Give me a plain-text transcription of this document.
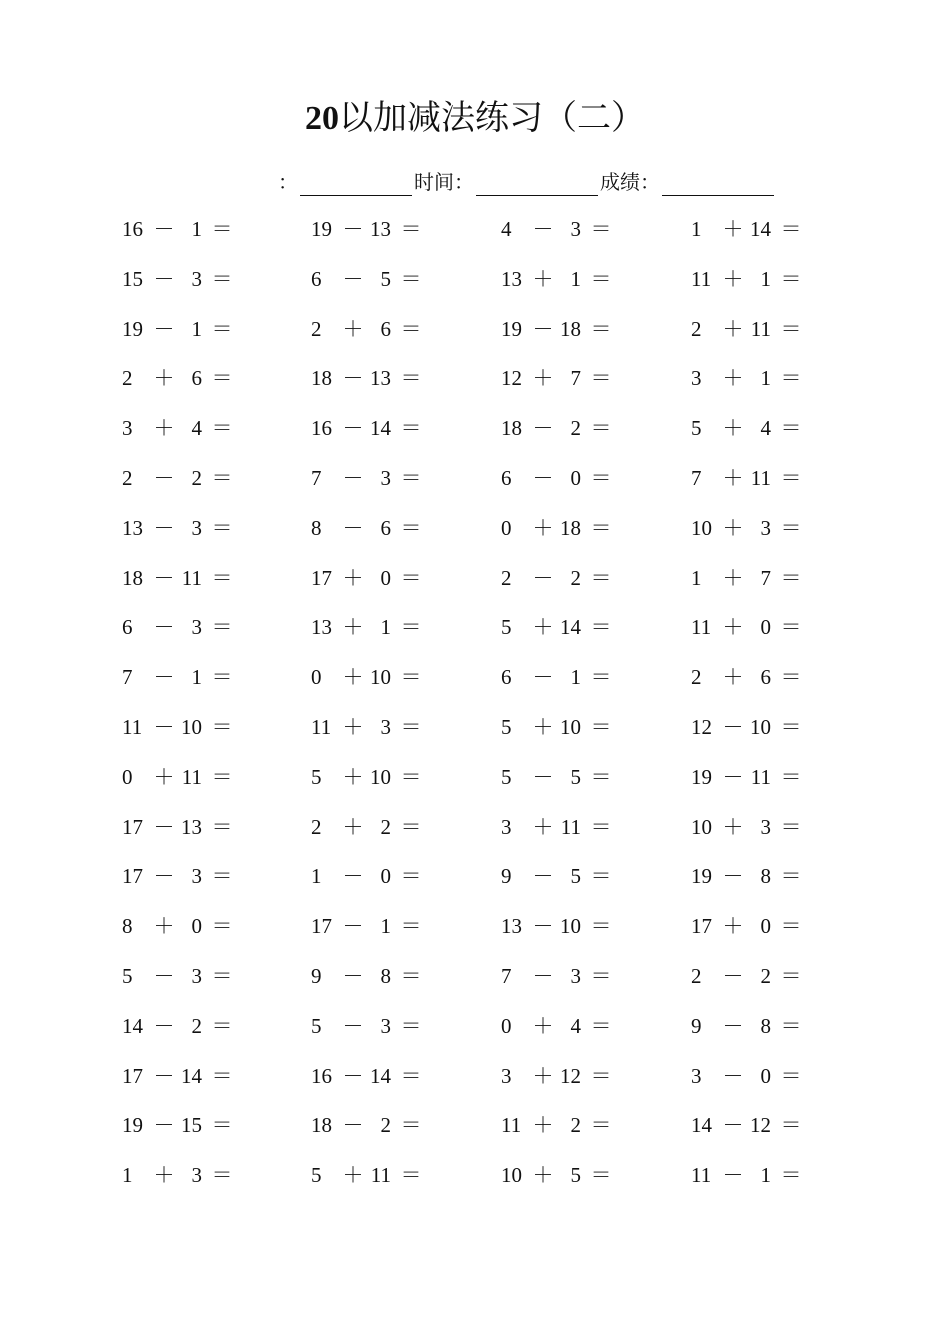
20以加减法练习（二）
：	时间：	成绩：
16 － 1 ＝	19 － 13 ＝	4 － 3 ＝	1 ＋ 14 ＝
15 － 3 ＝	6 － 5 ＝	13 ＋ 1 ＝	11 ＋ 1 ＝
19 － 1 ＝	2 ＋ 6 ＝	19 － 18 ＝	2 ＋ 11 ＝
2 ＋ 6 ＝	18 － 13 ＝	12 ＋ 7 ＝	3 ＋ 1 ＝
3 ＋ 4 ＝	16 － 14 ＝	18 － 2 ＝	5 ＋ 4 ＝
2 － 2 ＝	7 － 3 ＝	6 － 0 ＝	7 ＋ 11 ＝
13 － 3 ＝	8 － 6 ＝	0 ＋ 18 ＝	10 ＋ 3 ＝
18 － 11 ＝	17 ＋ 0 ＝	2 － 2 ＝	1 ＋ 7 ＝
6 － 3 ＝	13 ＋ 1 ＝	5 ＋ 14 ＝	11 ＋ 0 ＝
7 － 1 ＝	0 ＋ 10 ＝	6 － 1 ＝	2 ＋ 6 ＝
11 － 10 ＝	11 ＋ 3 ＝	5 ＋ 10 ＝	12 － 10 ＝
0 ＋ 11 ＝	5 ＋ 10 ＝	5 － 5 ＝	19 － 11 ＝
17 － 13 ＝	2 ＋ 2 ＝	3 ＋ 11 ＝	10 ＋ 3 ＝
17 － 3 ＝	1 － 0 ＝	9 － 5 ＝	19 － 8 ＝
8 ＋ 0 ＝	17 － 1 ＝	13 － 10 ＝	17 ＋ 0 ＝
5 － 3 ＝	9 － 8 ＝	7 － 3 ＝	2 － 2 ＝
14 － 2 ＝	5 － 3 ＝	0 ＋ 4 ＝	9 － 8 ＝
17 － 14 ＝	16 － 14 ＝	3 ＋ 12 ＝	3 － 0 ＝
19 － 15 ＝	18 － 2 ＝	11 ＋ 2 ＝	14 － 12 ＝
1 ＋ 3 ＝	5 ＋ 11 ＝	10 ＋ 5 ＝	11 － 1 ＝
